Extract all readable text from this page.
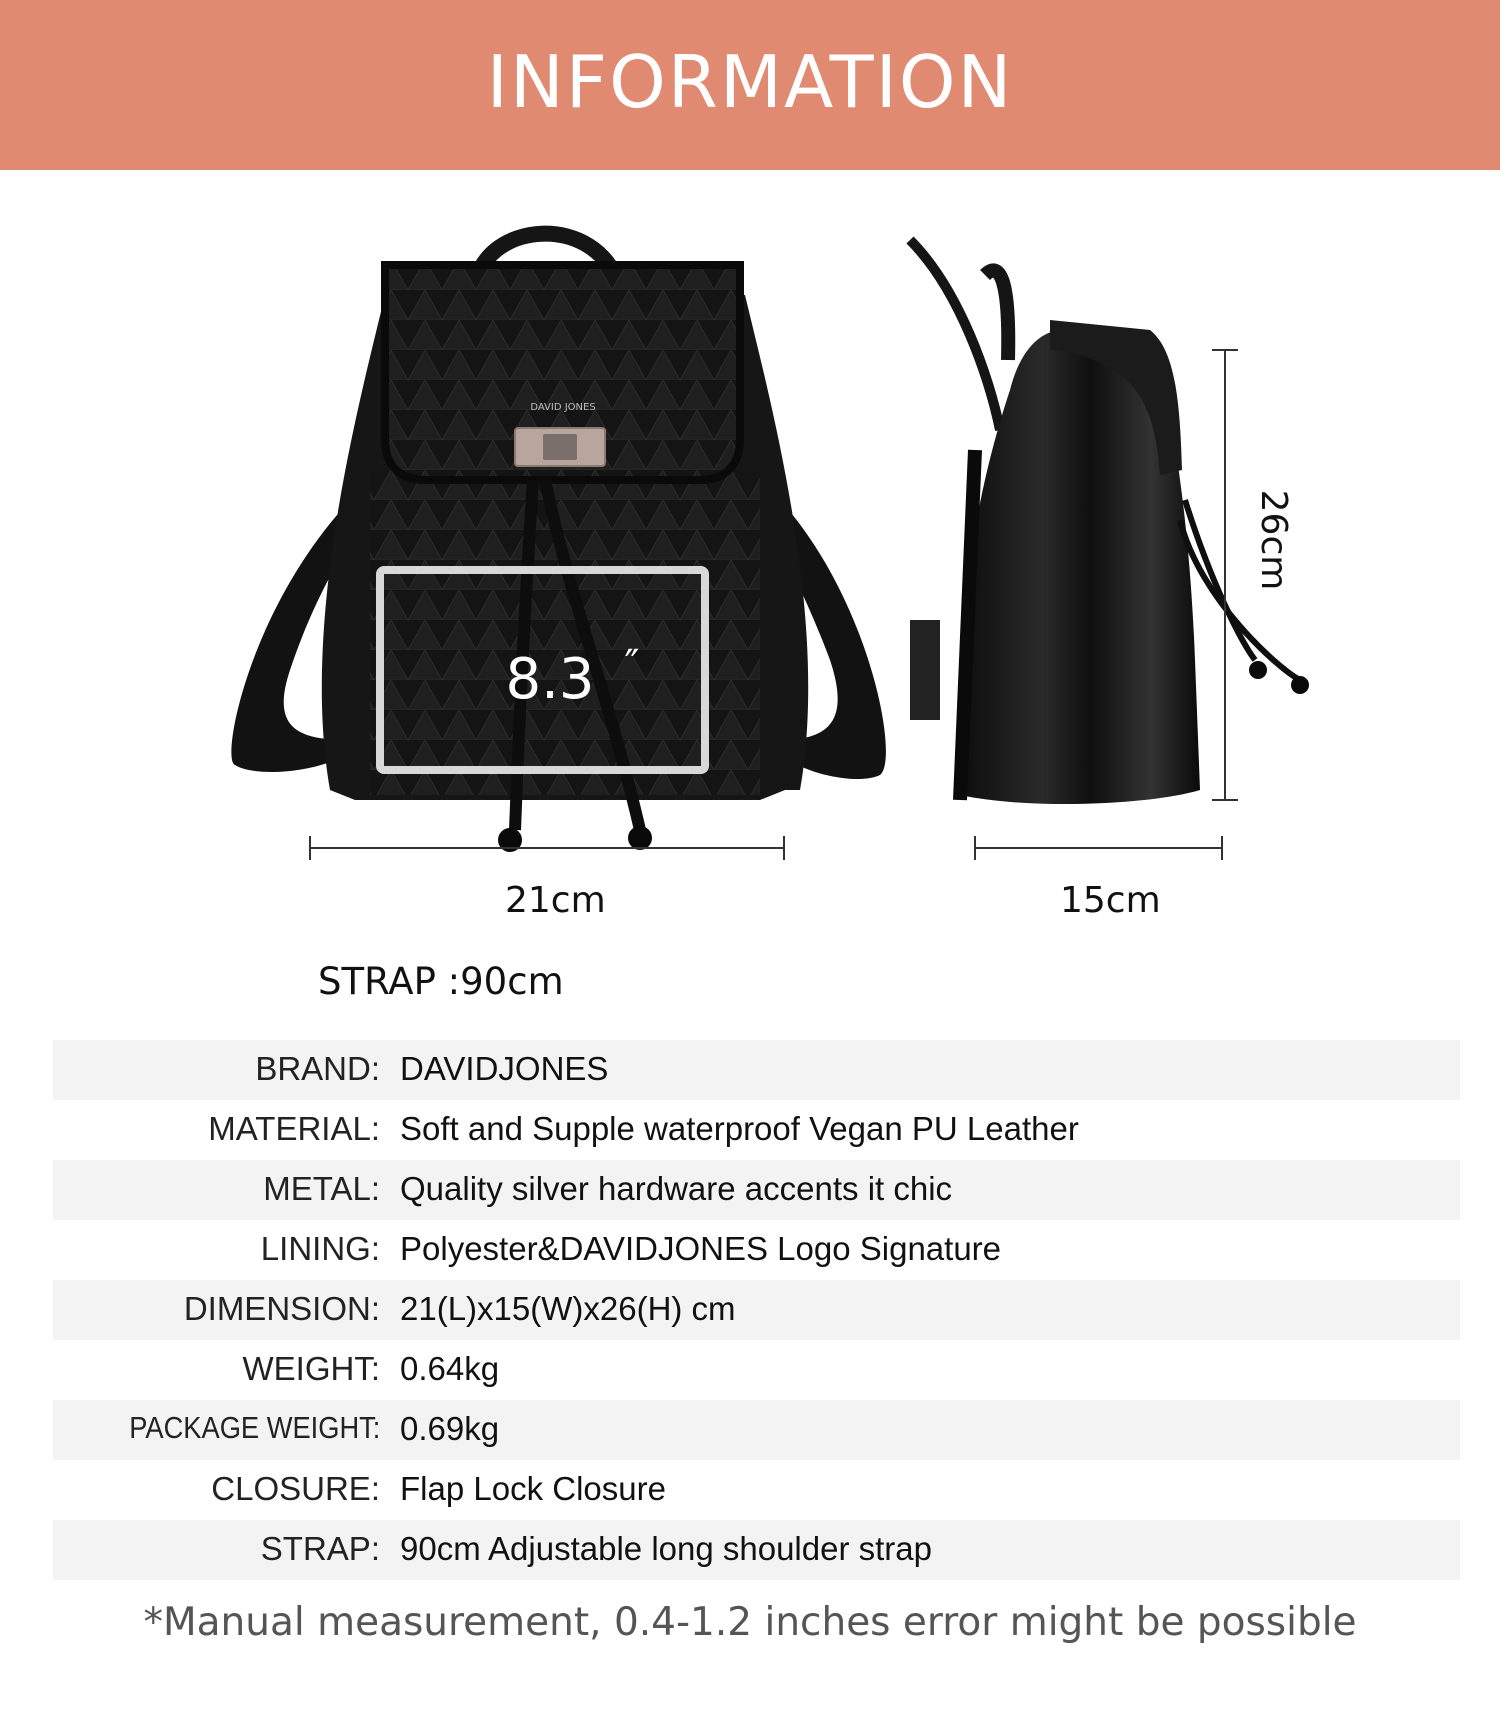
INFORMATION
DAVID JONES
8.3 ″
26cm
21cm	15cm
STRAP :90cm
BRAND: DAVIDJONES
MATERIAL: Soft and Supple waterproof Vegan PU Leather
METAL: Quality silver hardware accents it chic
LINING: Polyester&DAVIDJONES Logo Signature
DIMENSION: 21(L)x15(W)x26(H) cm
WEIGHT: 0.64kg
PACKAGE WEIGHT: 0.69kg
CLOSURE: Flap Lock Closure
STRAP: 90cm Adjustable long shoulder strap
*Manual measurement, 0.4-1.2 inches error might be possible
